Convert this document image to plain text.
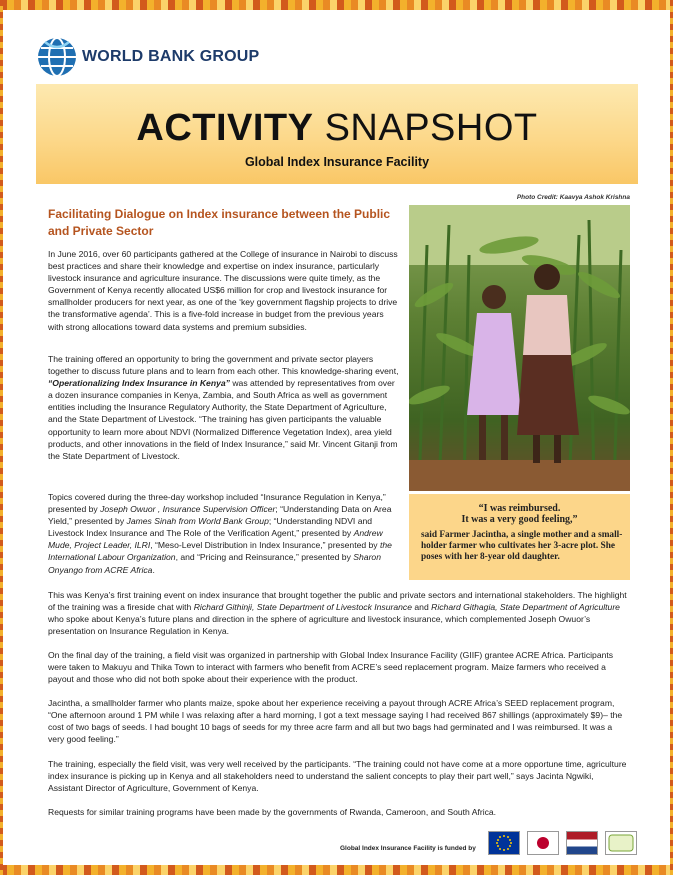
WORLD BANK GROUP
ACTIVITY SNAPSHOT
Global Index Insurance Facility
Photo Credit: Kaavya Ashok Krishna
“I was reimbursed.
It was a very good feeling,”
said Farmer Jacintha, a single mother and a small-holder farmer who cultivates her 3-acre plot. She poses with her 8-year old daughter.
Facilitating Dialogue on Index insurance between the Public and Private Sector

In June 2016, over 60 participants gathered at the College of insurance in Nairobi to discuss best practices and share their knowledge and expertise on index insurance, particularly livestock insurance and agriculture insurance. The discussions were quite timely, as the Government of Kenya recently allocated US$6 million for crop and livestock insurance for smallholder producers for next year, as one of the ‘key government flagship projects to drive the transformative agenda’. This is a five-fold increase in budget from the previous years with strong allocations toward data systems and premium subsidies.

The training offered an opportunity to bring the government and private sector players together to discuss future plans and to learn from each other. This knowledge-sharing event, “Operationalizing Index Insurance in Kenya” was attended by representatives from over a dozen insurance companies in Kenya, Zambia, and South Africa as well as government entities including the Insurance Regulatory Authority, the State Department of Agriculture, and the State Department of Livestock. “The training has given participants the valuable opportunity to learn more about NDVI (Normalized Difference Vegetation Index), area yield products, and other innovations in the field of Index Insurance,” said Mr. Vincent Gitanji from the State Department of Livestock.

Topics covered during the three-day workshop included “Insurance Regulation in Kenya,” presented by Joseph Owuor , Insurance Supervision Officer; “Understanding Data on Area Yield,” presented by James Sinah from World Bank Group; “Understanding NDVI and Livestock Index Insurance and The Role of the Verification Agent,” presented by Andrew Mude, Project Leader, ILRI, “Meso-Level Distribution in Index Insurance,” presented by the International Labour Organization, and “Pricing and Reinsurance,” presented by Sharon Onyango from ACRE Africa.

This was Kenya’s first training event on index insurance that brought together the public and private sectors and international stakeholders. The highlight of the training was a fireside chat with Richard Githinji, State Department of Livestock Insurance and Richard Githagia, State Department of Agriculture who spoke about Kenya’s future plans and direction in the sphere of agriculture and livestock insurance, which complemented Joseph Owuor’s presentation on Insurance Regulation in Kenya.

On the final day of the training, a field visit was organized in partnership with Global Index Insurance Facility (GIIF) grantee ACRE Africa. Participants were taken to Makuyu and Thika Town to interact with farmers who benefit from ACRE’s seed replacement program. Maize farmers who received a payout and those who did not both spoke about their experience with the product.

Jacintha, a smallholder farmer who plants maize, spoke about her experience receiving a payout through ACRE Africa’s SEED replacement program, “One afternoon around 1 PM while I was relaxing after a hard morning, I got a text message saying I had received 867 shillings (approximately $9)– the cost of two bags of seeds. I had bought 10 bags of seeds for my three acre farm and all but two bags had germinated and I was reimbursed. It was a very good feeling.”

The training, especially the field visit, was very well received by the participants. “The training could not have come at a more opportune time, agriculture index insurance is picking up in Kenya and all stakeholders need to understand the salient concepts to play their part well,” says Jacinta Ngwiki, Assistant Director of Agriculture, Government of Kenya.

Requests for similar training programs have been made by the governments of Rwanda, Cameroon, and South Africa.

Global Index Insurance Facility is funded by
